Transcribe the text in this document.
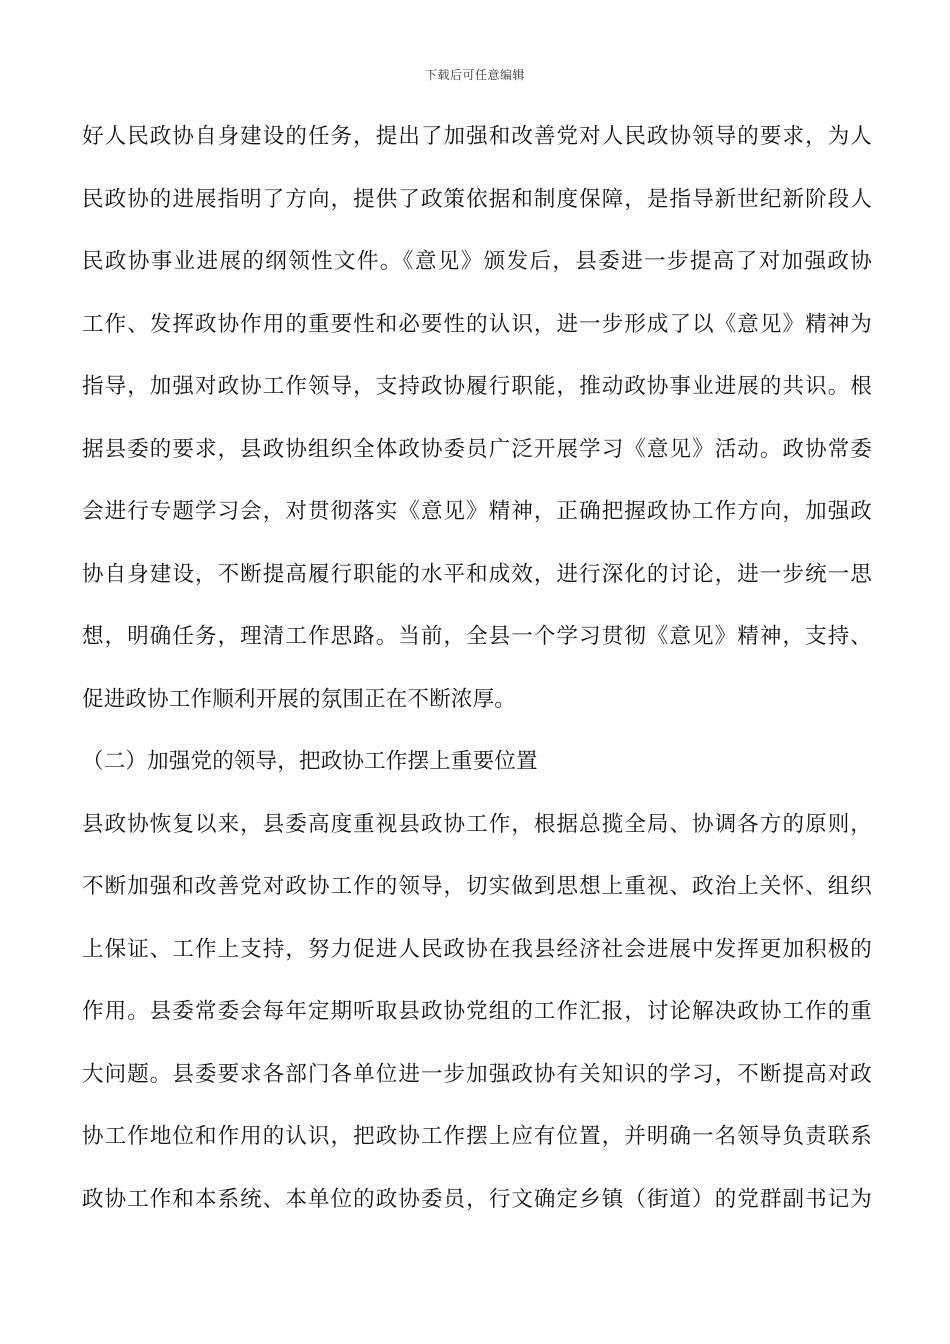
下载后可任意编辑
好人民政协自身建设的任务，提出了加强和改善党对人民政协领导的要求，为人
民政协的进展指明了方向，提供了政策依据和制度保障，是指导新世纪新阶段人
民政协事业进展的纲领性文件。《意见》颁发后，县委进一步提高了对加强政协
工作、发挥政协作用的重要性和必要性的认识，进一步形成了以《意见》精神为
指导，加强对政协工作领导，支持政协履行职能，推动政协事业进展的共识。根
据县委的要求，县政协组织全体政协委员广泛开展学习《意见》活动。政协常委
会进行专题学习会，对贯彻落实《意见》精神，正确把握政协工作方向，加强政
协自身建设，不断提高履行职能的水平和成效，进行深化的讨论，进一步统一思
想，明确任务，理清工作思路。当前，全县一个学习贯彻《意见》精神，支持、
促进政协工作顺利开展的氛围正在不断浓厚。
（二）加强党的领导，把政协工作摆上重要位置
县政协恢复以来，县委高度重视县政协工作，根据总揽全局、协调各方的原则，
不断加强和改善党对政协工作的领导，切实做到思想上重视、政治上关怀、组织
上保证、工作上支持，努力促进人民政协在我县经济社会进展中发挥更加积极的
作用。县委常委会每年定期听取县政协党组的工作汇报，讨论解决政协工作的重
大问题。县委要求各部门各单位进一步加强政协有关知识的学习，不断提高对政
协工作地位和作用的认识，把政协工作摆上应有位置，并明确一名领导负责联系
政协工作和本系统、本单位的政协委员，行文确定乡镇（街道）的党群副书记为
